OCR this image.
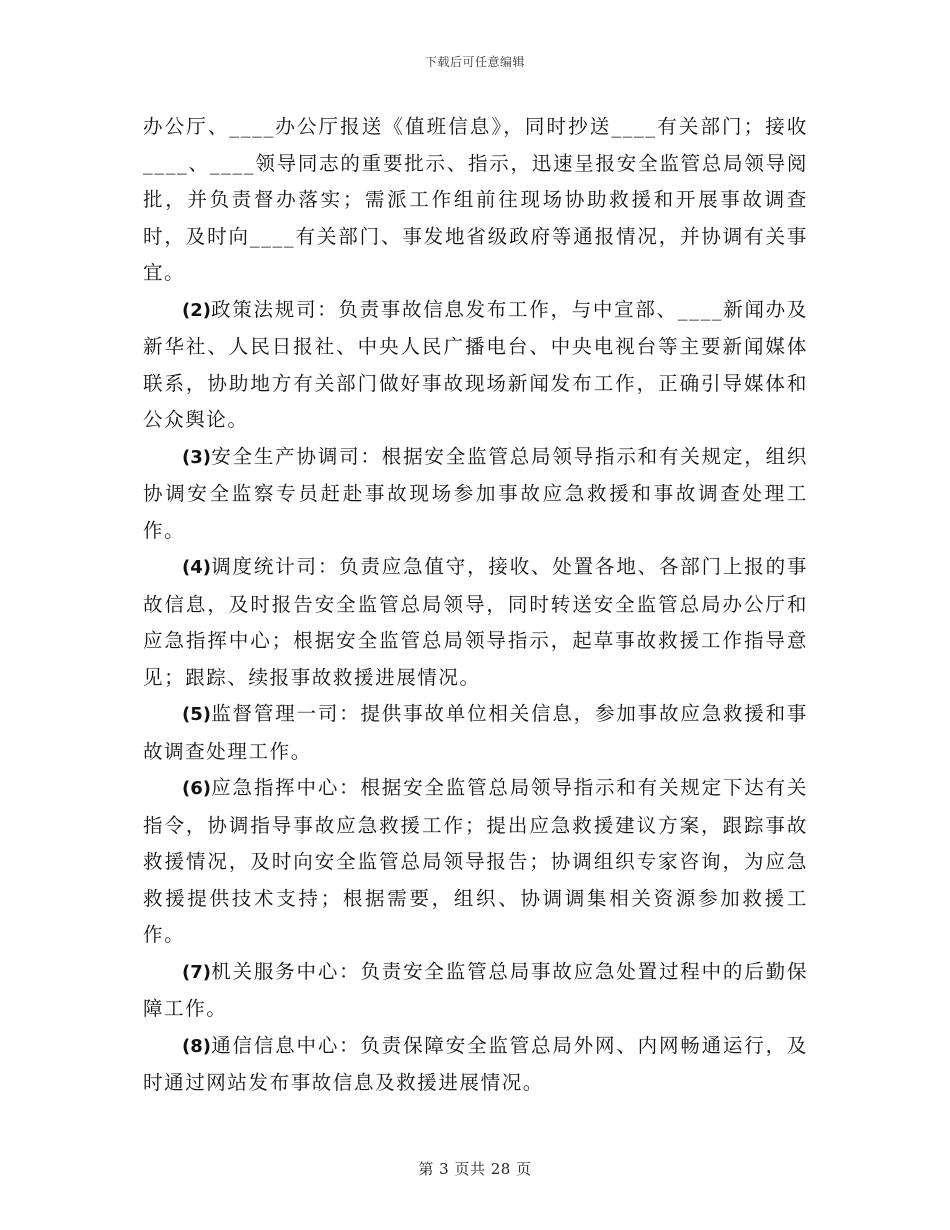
下载后可任意编辑

办公厅、____办公厅报送《值班信息》，同时抄送____有关部门；接收____、____领导同志的重要批示、指示，迅速呈报安全监管总局领导阅批，并负责督办落实；需派工作组前往现场协助救援和开展事故调查时，及时向____有关部门、事发地省级政府等通报情况，并协调有关事宜。

(2)政策法规司：负责事故信息发布工作，与中宣部、____新闻办及新华社、人民日报社、中央人民广播电台、中央电视台等主要新闻媒体联系，协助地方有关部门做好事故现场新闻发布工作，正确引导媒体和公众舆论。

(3)安全生产协调司：根据安全监管总局领导指示和有关规定，组织协调安全监察专员赶赴事故现场参加事故应急救援和事故调查处理工作。

(4)调度统计司：负责应急值守，接收、处置各地、各部门上报的事故信息，及时报告安全监管总局领导，同时转送安全监管总局办公厅和应急指挥中心；根据安全监管总局领导指示，起草事故救援工作指导意见；跟踪、续报事故救援进展情况。

(5)监督管理一司：提供事故单位相关信息，参加事故应急救援和事故调查处理工作。

(6)应急指挥中心：根据安全监管总局领导指示和有关规定下达有关指令，协调指导事故应急救援工作；提出应急救援建议方案，跟踪事故救援情况，及时向安全监管总局领导报告；协调组织专家咨询，为应急救援提供技术支持；根据需要，组织、协调调集相关资源参加救援工作。

(7)机关服务中心：负责安全监管总局事故应急处置过程中的后勤保障工作。

(8)通信信息中心：负责保障安全监管总局外网、内网畅通运行，及时通过网站发布事故信息及救援进展情况。

第 3 页共 28 页
